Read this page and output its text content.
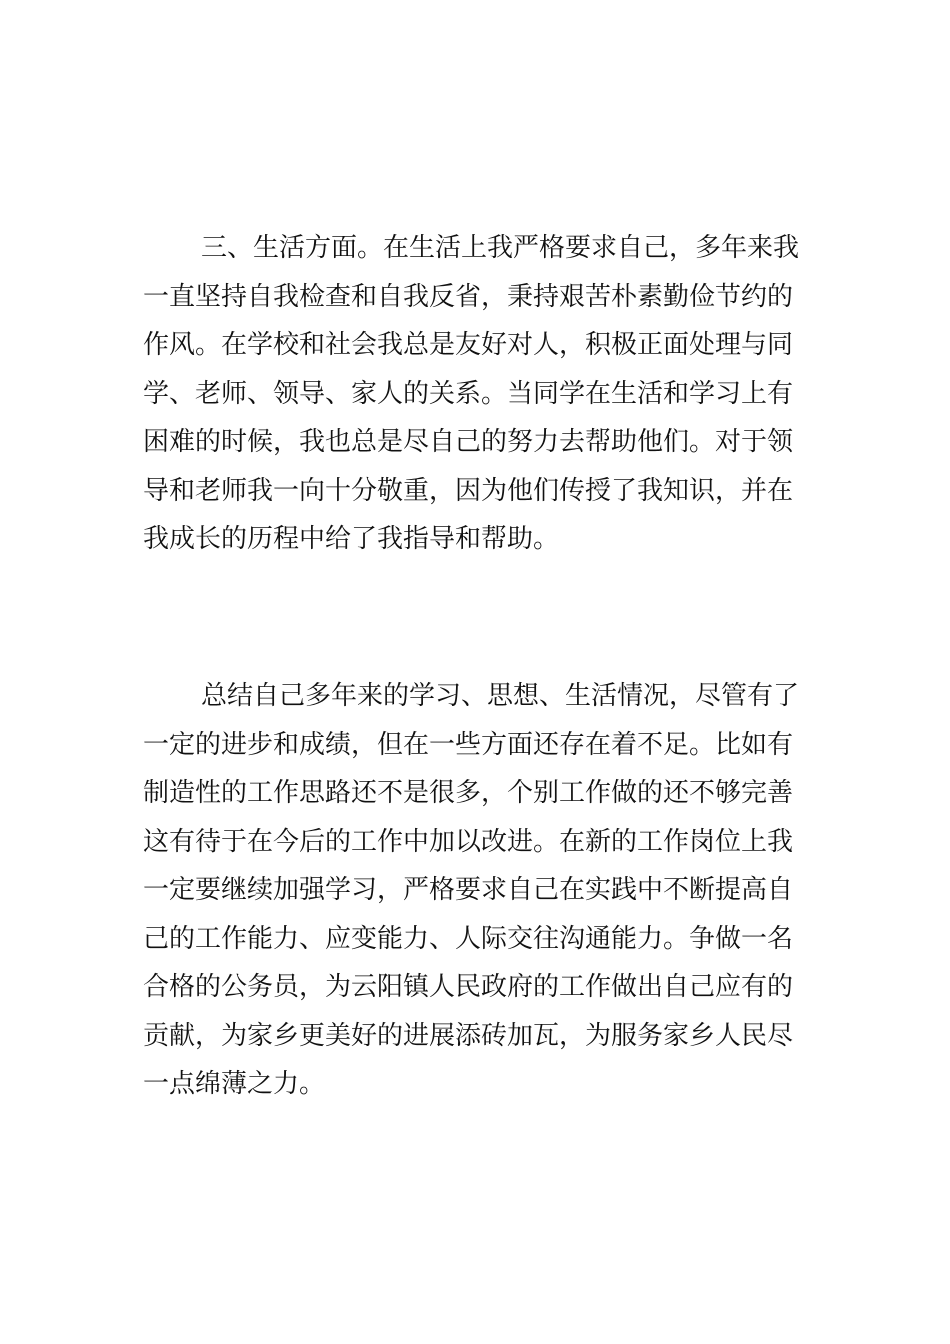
三、生活方面。在生活上我严格要求自己，多年来我
一直坚持自我检查和自我反省，秉持艰苦朴素勤俭节约的
作风。在学校和社会我总是友好对人，积极正面处理与同
学、老师、领导、家人的关系。当同学在生活和学习上有
困难的时候，我也总是尽自己的努力去帮助他们。对于领
导和老师我一向十分敬重，因为他们传授了我知识，并在
我成长的历程中给了我指导和帮助。
总结自己多年来的学习、思想、生活情况，尽管有了
一定的进步和成绩，但在一些方面还存在着不足。比如有
制造性的工作思路还不是很多，个别工作做的还不够完善
这有待于在今后的工作中加以改进。在新的工作岗位上我
一定要继续加强学习，严格要求自己在实践中不断提高自
己的工作能力、应变能力、人际交往沟通能力。争做一名
合格的公务员，为云阳镇人民政府的工作做出自己应有的
贡献，为家乡更美好的进展添砖加瓦，为服务家乡人民尽
一点绵薄之力。
